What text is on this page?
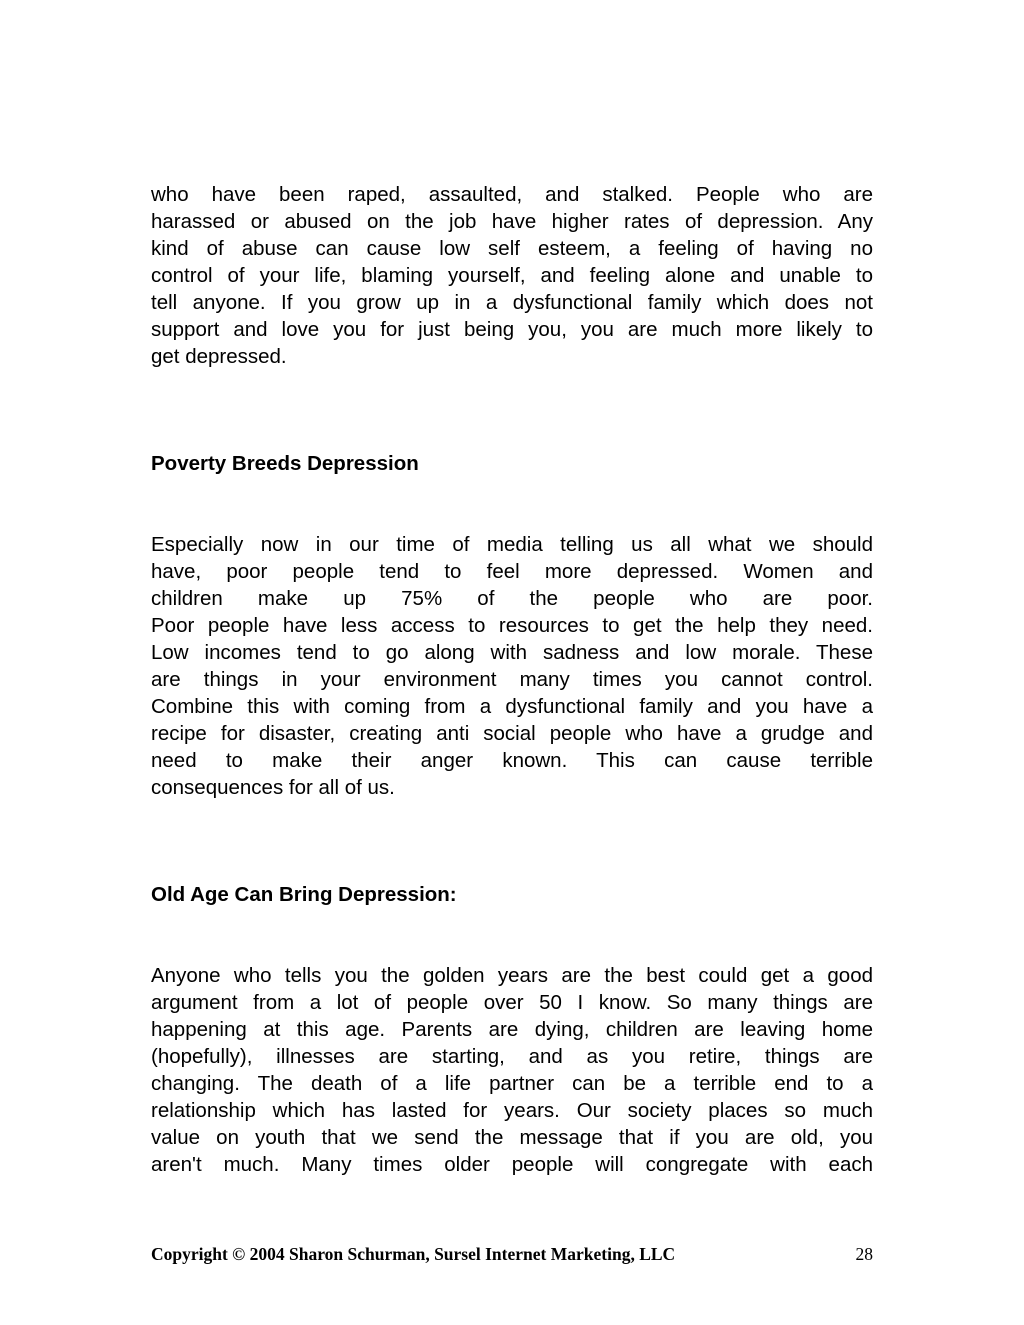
who have been raped, assaulted, and stalked. People who are
harassed or abused on the job have higher rates of depression. Any
kind of abuse can cause low self esteem, a feeling of having no
control of your life, blaming yourself, and feeling alone and unable to
tell anyone. If you grow up in a dysfunctional family which does not
support and love you for just being you, you are much more likely to
get depressed.

Poverty Breeds Depression

Especially now in our time of media telling us all what we should
have, poor people tend to feel more depressed. Women and
children make up 75% of the people who are poor.
Poor people have less access to resources to get the help they need.
Low incomes tend to go along with sadness and low morale. These
are things in your environment many times you cannot control.
Combine this with coming from a dysfunctional family and you have a
recipe for disaster, creating anti social people who have a grudge and
need to make their anger known. This can cause terrible
consequences for all of us.

Old Age Can Bring Depression:

Anyone who tells you the golden years are the best could get a good
argument from a lot of people over 50 I know. So many things are
happening at this age. Parents are dying, children are leaving home
(hopefully), illnesses are starting, and as you retire, things are
changing. The death of a life partner can be a terrible end to a
relationship which has lasted for years. Our society places so much
value on youth that we send the message that if you are old, you
aren't much. Many times older people will congregate with each

Copyright © 2004 Sharon Schurman, Sursel Internet Marketing, LLC	28
